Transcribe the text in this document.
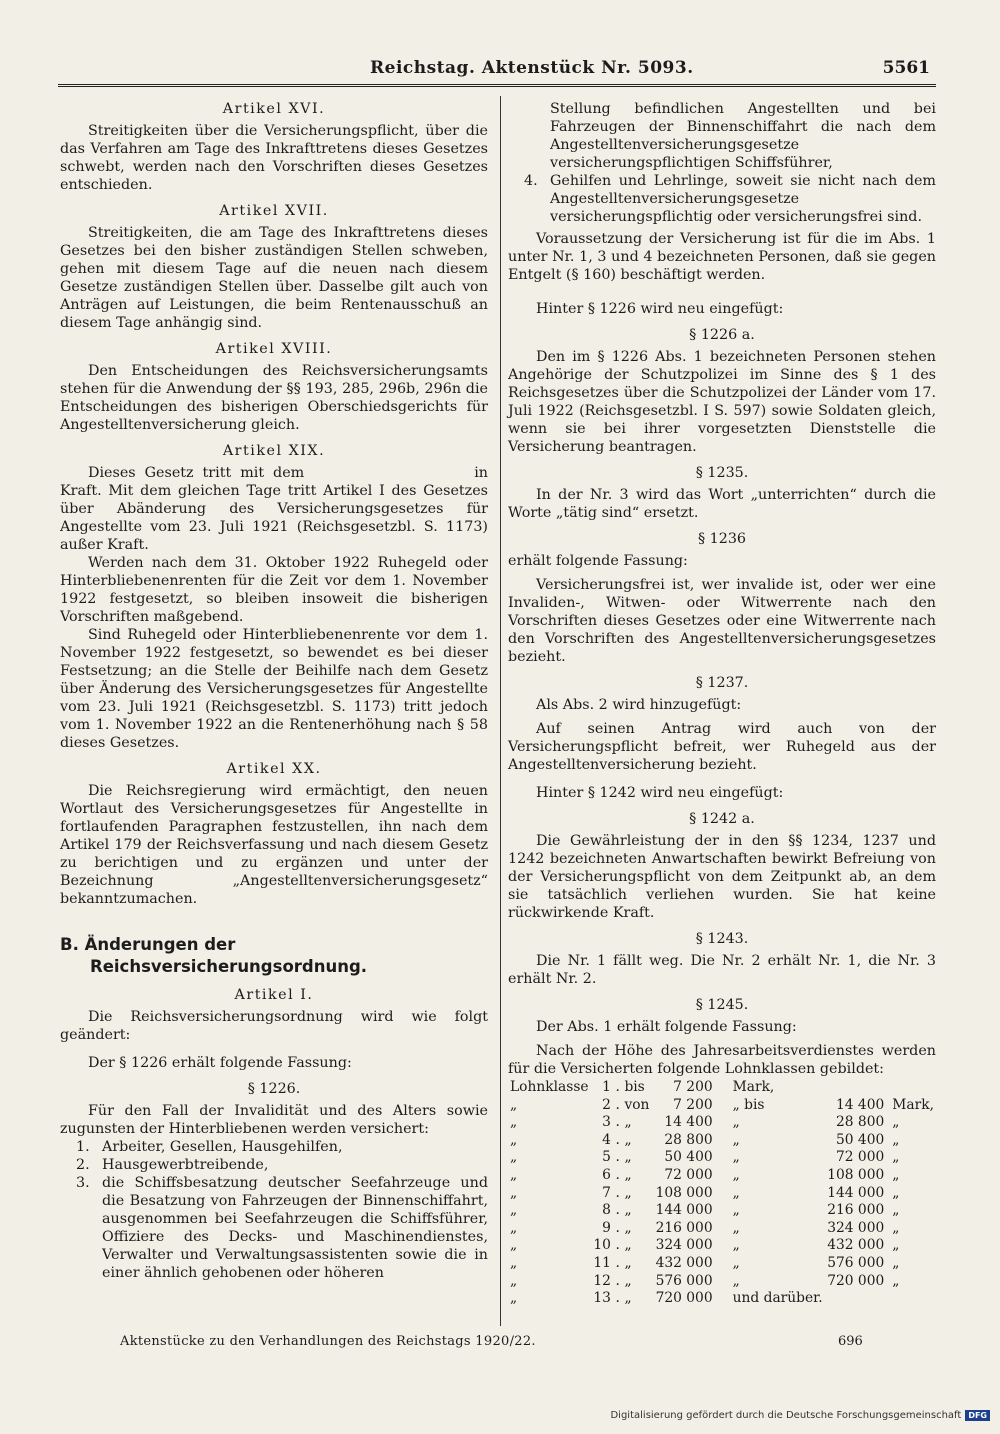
Reichstag. Aktenstück Nr. 5093.	5561
Artikel XVI.

Streitigkeiten über die Versicherungspflicht, über die das Verfahren am Tage des Inkrafttretens dieses Gesetzes schwebt, werden nach den Vorschriften dieses Gesetzes entschieden.

Artikel XVII.

Streitigkeiten, die am Tage des Inkrafttretens dieses Gesetzes bei den bisher zuständigen Stellen schweben, gehen mit diesem Tage auf die neuen nach diesem Gesetze zuständigen Stellen über. Dasselbe gilt auch von Anträgen auf Leistungen, die beim Rentenausschuß an diesem Tage anhängig sind.

Artikel XVIII.

Den Entscheidungen des Reichsversicherungsamts stehen für die Anwendung der §§ 193, 285, 296b, 296n die Entscheidungen des bisherigen Oberschiedsgerichts für Angestelltenversicherung gleich.

Artikel XIX.

Dieses Gesetz tritt mit dem	in Kraft. Mit dem gleichen Tage tritt Artikel I des Gesetzes über Abänderung des Versicherungsgesetzes für Angestellte vom 23. Juli 1921 (Reichsgesetzbl. S. 1173) außer Kraft.

Werden nach dem 31. Oktober 1922 Ruhegeld oder Hinterbliebenenrenten für die Zeit vor dem 1. November 1922 festgesetzt, so bleiben insoweit die bisherigen Vorschriften maßgebend.

Sind Ruhegeld oder Hinterbliebenenrente vor dem 1. November 1922 festgesetzt, so bewendet es bei dieser Festsetzung; an die Stelle der Beihilfe nach dem Gesetz über Änderung des Versicherungsgesetzes für Angestellte vom 23. Juli 1921 (Reichsgesetzbl. S. 1173) tritt jedoch vom 1. November 1922 an die Rentenerhöhung nach § 58 dieses Gesetzes.

Artikel XX.

Die Reichsregierung wird ermächtigt, den neuen Wortlaut des Versicherungsgesetzes für Angestellte in fortlaufenden Paragraphen festzustellen, ihn nach dem Artikel 179 der Reichsverfassung und nach diesem Gesetz zu berichtigen und zu ergänzen und unter der Bezeichnung „Angestelltenversicherungsgesetz“ bekanntzumachen.

B. Änderungen der Reichsversicherungsordnung.
Artikel I.

Die Reichsversicherungsordnung wird wie folgt geändert:

Der § 1226 erhält folgende Fassung:

§ 1226.

Für den Fall der Invalidität und des Alters sowie zugunsten der Hinterbliebenen werden versichert:

1. Arbeiter, Gesellen, Hausgehilfen,
2. Hausgewerbtreibende,
3. die Schiffsbesatzung deutscher Seefahrzeuge und die Besatzung von Fahrzeugen der Binnenschiffahrt, ausgenommen bei Seefahrzeugen die Schiffsführer, Offiziere des Decks- und Maschinendienstes, Verwalter und Verwaltungsassistenten sowie die in einer ähnlich gehobenen oder höheren

Stellung befindlichen Angestellten und bei Fahrzeugen der Binnenschiffahrt die nach dem Angestelltenversicherungsgesetze versicherungspflichtigen Schiffsführer,

4. Gehilfen und Lehrlinge, soweit sie nicht nach dem Angestelltenversicherungsgesetze versicherungspflichtig oder versicherungsfrei sind.

Voraussetzung der Versicherung ist für die im Abs. 1 unter Nr. 1, 3 und 4 bezeichneten Personen, daß sie gegen Entgelt (§ 160) beschäftigt werden.

Hinter § 1226 wird neu eingefügt:

§ 1226 a.

Den im § 1226 Abs. 1 bezeichneten Personen stehen Angehörige der Schutzpolizei im Sinne des § 1 des Reichsgesetzes über die Schutzpolizei der Länder vom 17. Juli 1922 (Reichsgesetzbl. I S. 597) sowie Soldaten gleich, wenn sie bei ihrer vorgesetzten Dienststelle die Versicherung beantragen.

§ 1235.

In der Nr. 3 wird das Wort „unterrichten“ durch die Worte „tätig sind“ ersetzt.

§ 1236

erhält folgende Fassung:

Versicherungsfrei ist, wer invalide ist, oder wer eine Invaliden-, Witwen- oder Witwerrente nach den Vorschriften dieses Gesetzes oder eine Witwerrente nach den Vorschriften des Angestelltenversicherungsgesetzes bezieht.

§ 1237.

Als Abs. 2 wird hinzugefügt:

Auf seinen Antrag wird auch von der Versicherungspflicht befreit, wer Ruhegeld aus der Angestelltenversicherung bezieht.

Hinter § 1242 wird neu eingefügt:

§ 1242 a.

Die Gewährleistung der in den §§ 1234, 1237 und 1242 bezeichneten Anwartschaften bewirkt Befreiung von der Versicherungspflicht von dem Zeitpunkt ab, an dem sie tatsächlich verliehen wurden. Sie hat keine rückwirkende Kraft.

§ 1243.

Die Nr. 1 fällt weg. Die Nr. 2 erhält Nr. 1, die Nr. 3 erhält Nr. 2.

§ 1245.

Der Abs. 1 erhält folgende Fassung:

Nach der Höhe des Jahresarbeitsverdienstes werden für die Versicherten folgende Lohnklassen gebildet:

Lohnklasse	1	.	bis	7 200	Mark,		
„	2	.	von	7 200	„ bis	14 400	Mark,
„	3	.	„	14 400	„	28 800	„
„	4	.	„	28 800	„	50 400	„
„	5	.	„	50 400	„	72 000	„
„	6	.	„	72 000	„	108 000	„
„	7	.	„	108 000	„	144 000	„
„	8	.	„	144 000	„	216 000	„
„	9	.	„	216 000	„	324 000	„
„	10	.	„	324 000	„	432 000	„
„	11	.	„	432 000	„	576 000	„
„	12	.	„	576 000	„	720 000	„
„	13	.	„	720 000	und darüber.		
Aktenstücke zu den Verhandlungen des Reichstags 1920/22.	696
Digitalisierung gefördert durch die Deutsche Forschungsgemeinschaft DFG
